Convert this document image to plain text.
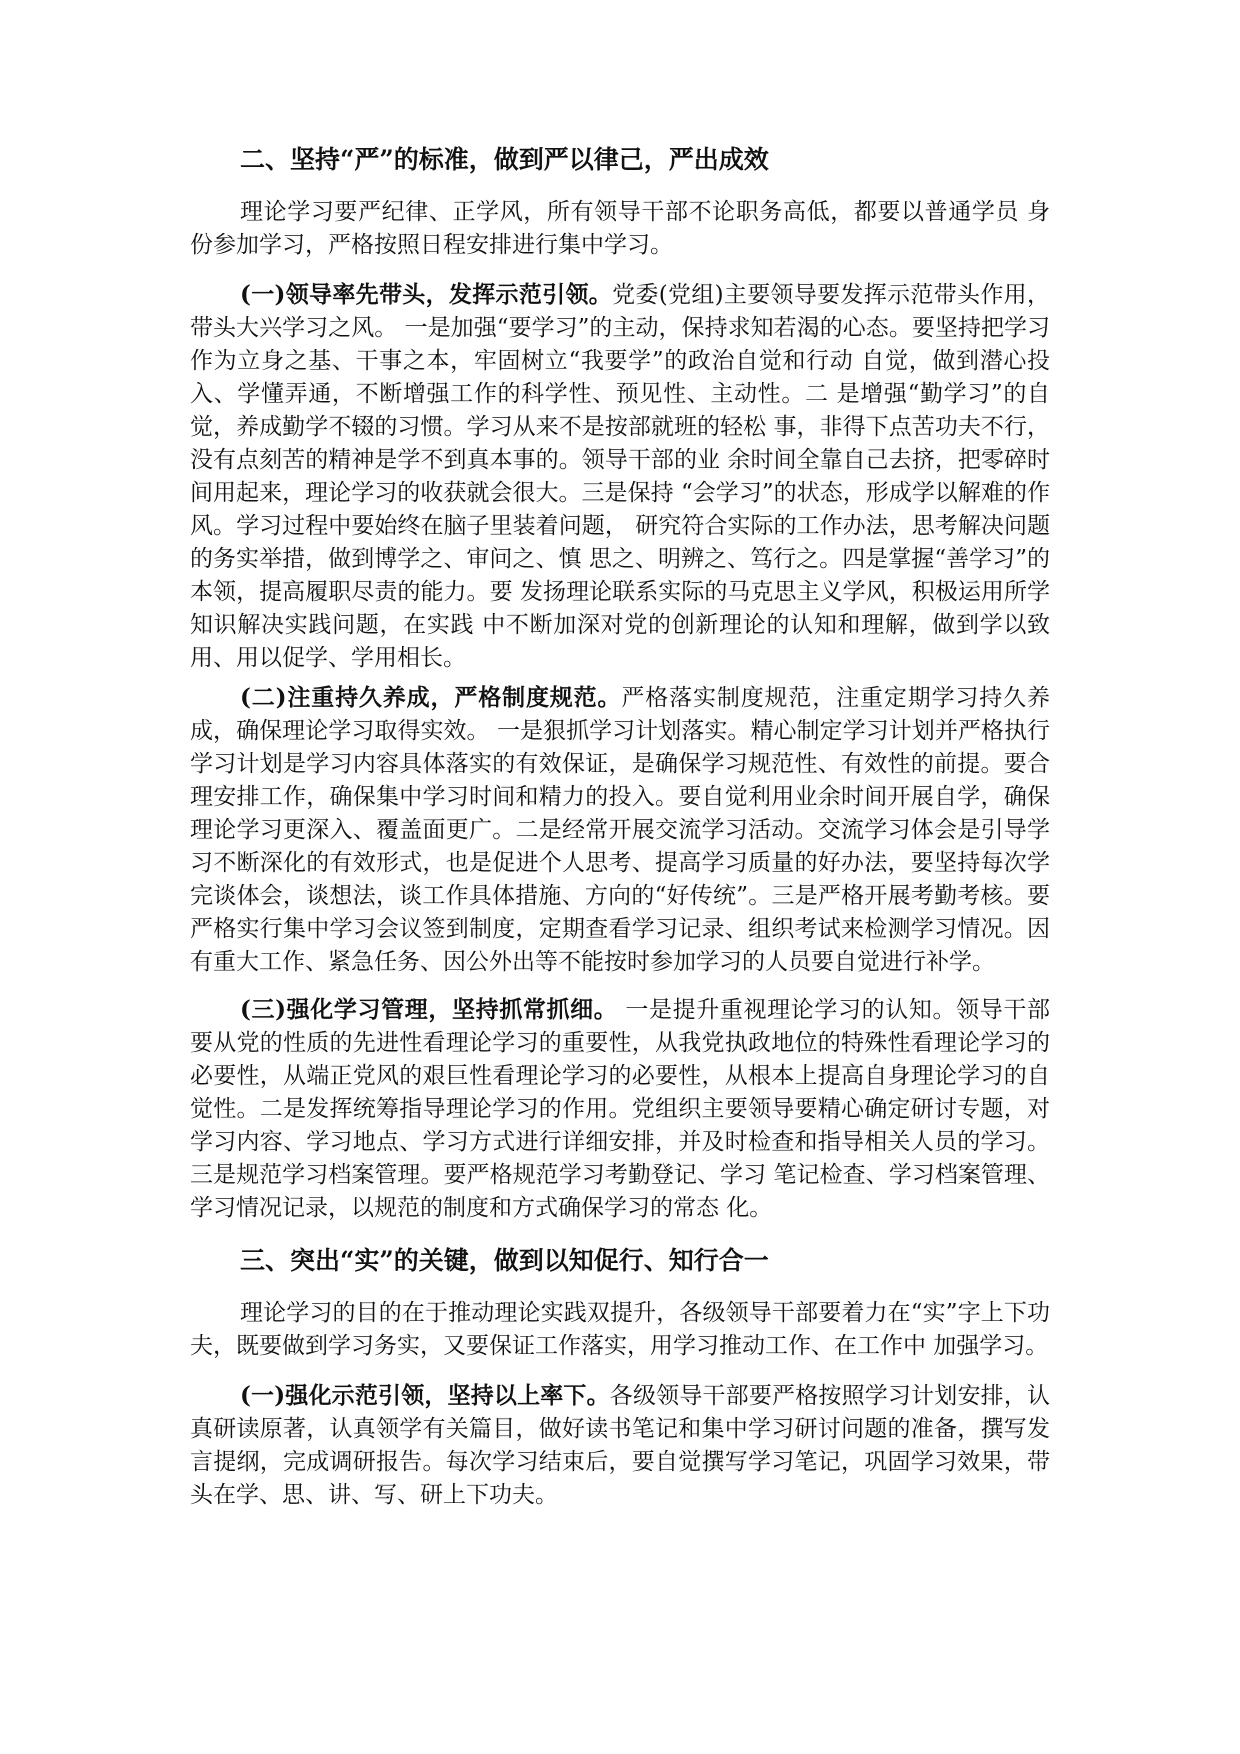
二、坚持“严”的标准，做到严以律己，严出成效

理论学习要严纪律、正学风，所有领导干部不论职务高低，都要以普通学员 身份参加学习，严格按照日程安排进行集中学习。

(一)领导率先带头，发挥示范引领。党委(党组)主要领导要发挥示范带头作用，带头大兴学习之风。 一是加强“要学习”的主动，保持求知若渴的心态。要坚持把学习作为立身之基、干事之本，牢固树立“我要学”的政治自觉和行动 自觉，做到潜心投入、学懂弄通，不断增强工作的科学性、预见性、主动性。二 是增强“勤学习”的自觉，养成勤学不辍的习惯。学习从来不是按部就班的轻松 事，非得下点苦功夫不行，没有点刻苦的精神是学不到真本事的。领导干部的业 余时间全靠自己去挤，把零碎时间用起来，理论学习的收获就会很大。三是保持 “会学习”的状态，形成学以解难的作风。学习过程中要始终在脑子里装着问题， 研究符合实际的工作办法，思考解决问题的务实举措，做到博学之、审问之、慎 思之、明辨之、笃行之。四是掌握“善学习”的本领，提高履职尽责的能力。要 发扬理论联系实际的马克思主义学风，积极运用所学知识解决实践问题，在实践 中不断加深对党的创新理论的认知和理解，做到学以致用、用以促学、学用相长。

(二)注重持久养成，严格制度规范。严格落实制度规范，注重定期学习持久养成，确保理论学习取得实效。 一是狠抓学习计划落实。精心制定学习计划并严格执行学习计划是学习内容具体落实的有效保证，是确保学习规范性、有效性的前提。要合理安排工作，确保集中学习时间和精力的投入。要自觉利用业余时间开展自学，确保理论学习更深入、覆盖面更广。二是经常开展交流学习活动。交流学习体会是引导学习不断深化的有效形式，也是促进个人思考、提高学习质量的好办法，要坚持每次学完谈体会，谈想法，谈工作具体措施、方向的“好传统”。三是严格开展考勤考核。要严格实行集中学习会议签到制度，定期查看学习记录、组织考试来检测学习情况。因有重大工作、紧急任务、因公外出等不能按时参加学习的人员要自觉进行补学。

(三)强化学习管理，坚持抓常抓细。 一是提升重视理论学习的认知。领导干部要从党的性质的先进性看理论学习的重要性，从我党执政地位的特殊性看理论学习的必要性，从端正党风的艰巨性看理论学习的必要性，从根本上提高自身理论学习的自觉性。二是发挥统筹指导理论学习的作用。党组织主要领导要精心确定研讨专题，对学习内容、学习地点、学习方式进行详细安排，并及时检查和指导相关人员的学习。三是规范学习档案管理。要严格规范学习考勤登记、学习 笔记检查、学习档案管理、学习情况记录，以规范的制度和方式确保学习的常态 化。

三、突出“实”的关键，做到以知促行、知行合一

理论学习的目的在于推动理论实践双提升，各级领导干部要着力在“实”字上下功夫，既要做到学习务实，又要保证工作落实，用学习推动工作、在工作中 加强学习。

(一)强化示范引领，坚持以上率下。各级领导干部要严格按照学习计划安排，认真研读原著，认真领学有关篇目，做好读书笔记和集中学习研讨问题的准备，撰写发言提纲，完成调研报告。每次学习结束后，要自觉撰写学习笔记，巩固学习效果，带头在学、思、讲、写、研上下功夫。
